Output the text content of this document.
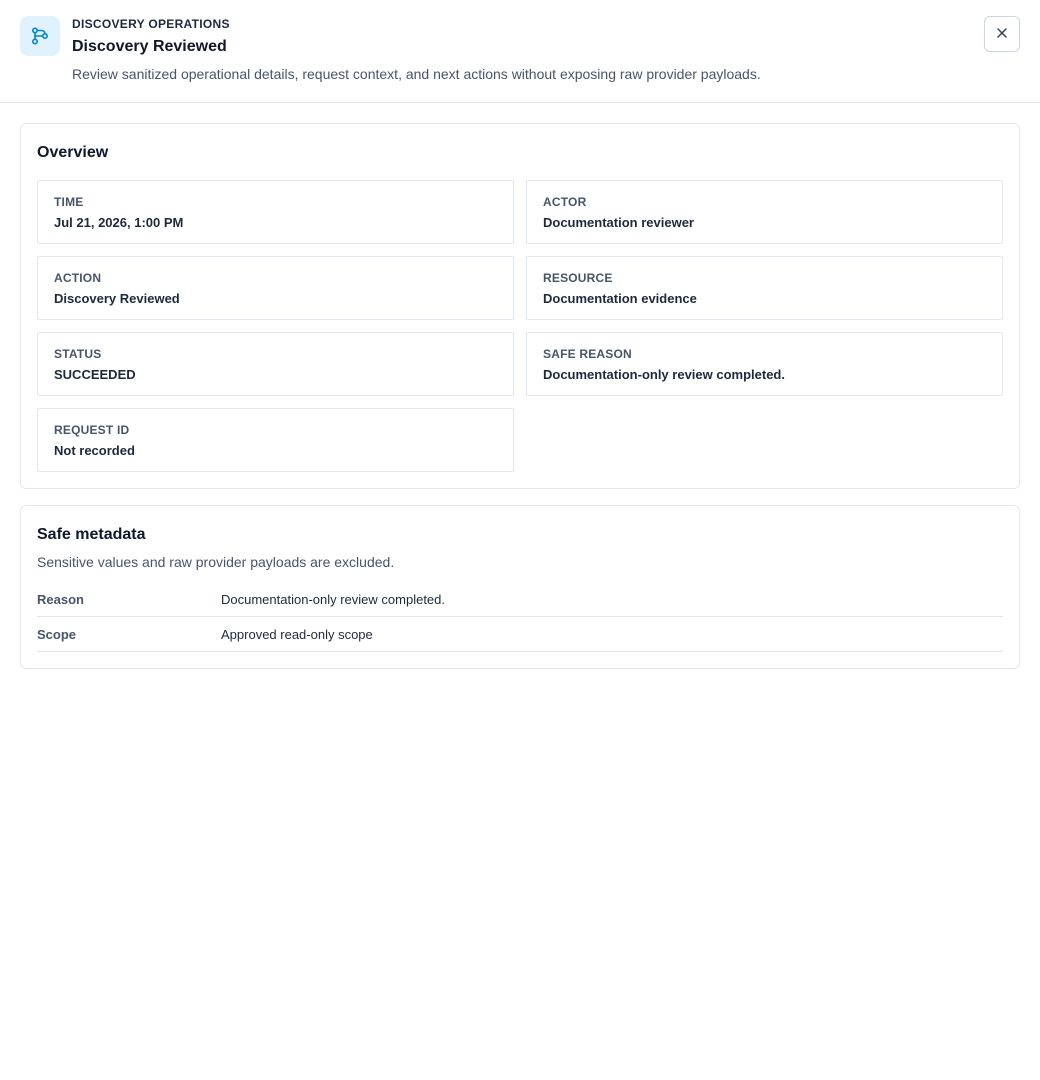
DISCOVERY OPERATIONS
Discovery Reviewed
Review sanitized operational details, request context, and next actions without exposing raw provider payloads.
Overview
TIME
Jul 21, 2026, 1:00 PM
ACTOR
Documentation reviewer
ACTION
Discovery Reviewed
RESOURCE
Documentation evidence
STATUS
SUCCEEDED
SAFE REASON
Documentation-only review completed.
REQUEST ID
Not recorded
Safe metadata
Sensitive values and raw provider payloads are excluded.
Reason	Documentation-only review completed.
Scope	Approved read-only scope
